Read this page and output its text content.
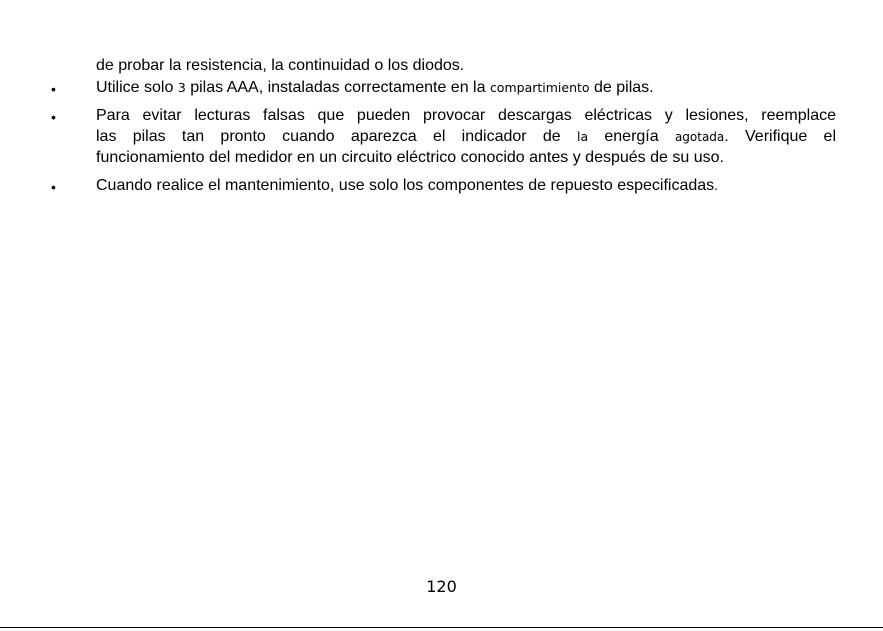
de probar la resistencia, la continuidad o los diodos.
•	Utilice solo 3 pilas AAA, instaladas correctamente en la compartimiento de pilas.
•	Para evitar lecturas falsas que pueden provocar descargas eléctricas y lesiones, reemplace
las pilas tan pronto cuando aparezca el indicador de la energía agotada. Verifique el
funcionamiento del medidor en un circuito eléctrico conocido antes y después de su uso.
•	Cuando realice el mantenimiento, use solo los componentes de repuesto especificadas.
120
